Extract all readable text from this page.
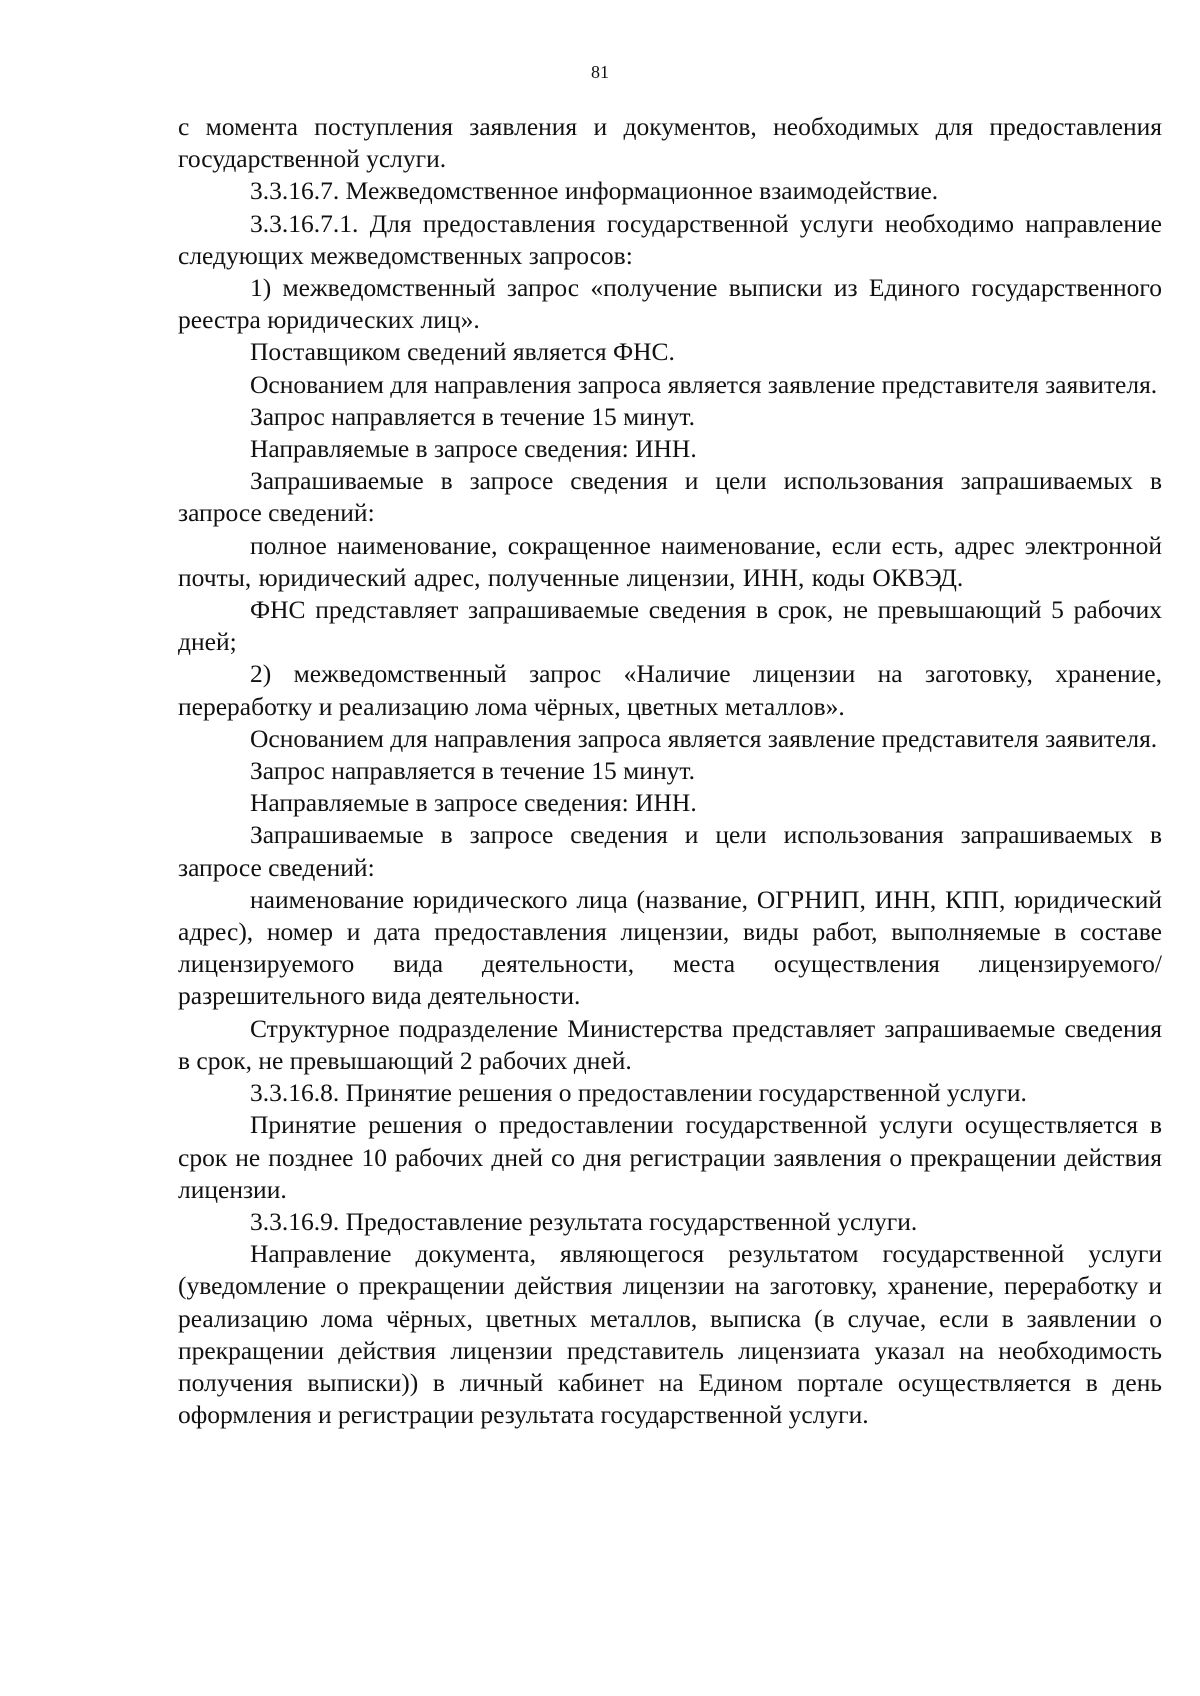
81

с момента поступления заявления и документов, необходимых для предоставления государственной услуги.

3.3.16.7. Межведомственное информационное взаимодействие.

3.3.16.7.1. Для предоставления государственной услуги необходимо направление следующих межведомственных запросов:

1) межведомственный запрос «получение выписки из Единого государственного реестра юридических лиц».

Поставщиком сведений является ФНС.

Основанием для направления запроса является заявление представителя заявителя.

Запрос направляется в течение 15 минут.

Направляемые в запросе сведения: ИНН.

Запрашиваемые в запросе сведения и цели использования запрашиваемых в запросе сведений:

полное наименование, сокращенное наименование, если есть, адрес электронной почты, юридический адрес, полученные лицензии, ИНН, коды ОКВЭД.

ФНС представляет запрашиваемые сведения в срок, не превышающий 5 рабочих дней;

2) межведомственный запрос «Наличие лицензии на заготовку, хранение, переработку и реализацию лома чёрных, цветных металлов».

Основанием для направления запроса является заявление представителя заявителя.

Запрос направляется в течение 15 минут.

Направляемые в запросе сведения: ИНН.

Запрашиваемые в запросе сведения и цели использования запрашиваемых в запросе сведений:

наименование юридического лица (название, ОГРНИП, ИНН, КПП, юридический адрес), номер и дата предоставления лицензии, виды работ, выполняемые в составе лицензируемого вида деятельности, места осуществления лицензируемого/разрешительного вида деятельности.

Структурное подразделение Министерства представляет запрашиваемые сведения в срок, не превышающий 2 рабочих дней.

3.3.16.8. Принятие решения о предоставлении государственной услуги.

Принятие решения о предоставлении государственной услуги осуществляется в срок не позднее 10 рабочих дней со дня регистрации заявления о прекращении действия лицензии.

3.3.16.9. Предоставление результата государственной услуги.

Направление документа, являющегося результатом государственной услуги (уведомление о прекращении действия лицензии на заготовку, хранение, переработку и реализацию лома чёрных, цветных металлов, выписка (в случае, если в заявлении о прекращении действия лицензии представитель лицензиата указал на необходимость получения выписки)) в личный кабинет на Едином портале осуществляется в день оформления и регистрации результата государственной услуги.
